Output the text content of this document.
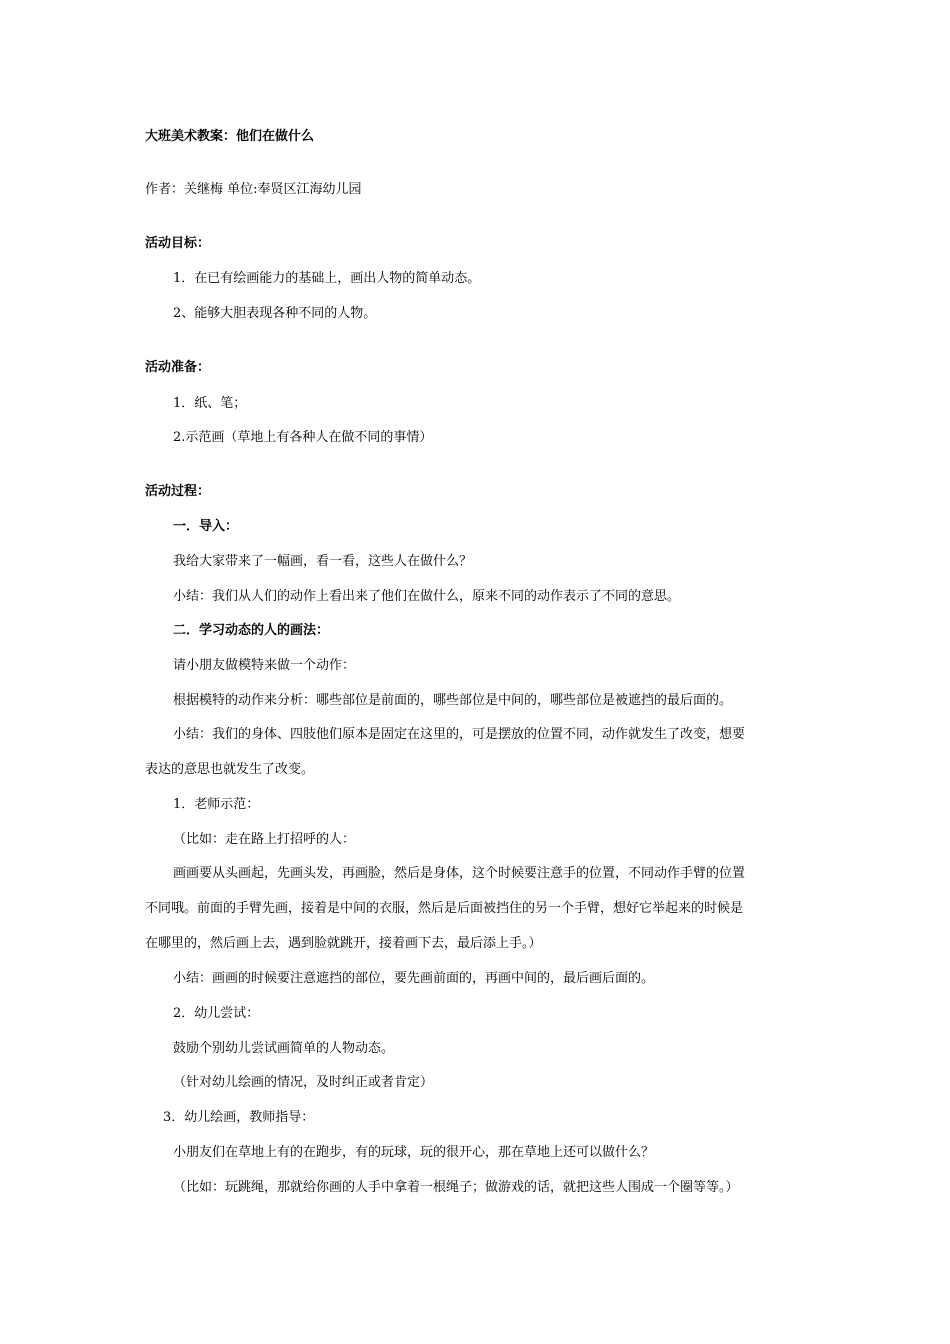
大班美术教案：他们在做什么
作者：关继梅 单位:奉贤区江海幼儿园
活动目标：
1．在已有绘画能力的基础上，画出人物的简单动态。
2、能够大胆表现各种不同的人物。
活动准备：
1．纸、笔；
2.示范画（草地上有各种人在做不同的事情）
活动过程：
一．导入：
我给大家带来了一幅画，看一看，这些人在做什么？
小结：我们从人们的动作上看出来了他们在做什么，原来不同的动作表示了不同的意思。
二．学习动态的人的画法：
请小朋友做模特来做一个动作：
根据模特的动作来分析：哪些部位是前面的，哪些部位是中间的，哪些部位是被遮挡的最后面的。
小结：我们的身体、四肢他们原本是固定在这里的，可是摆放的位置不同，动作就发生了改变，想要
表达的意思也就发生了改变。
1．老师示范：
（比如：走在路上打招呼的人：
画画要从头画起，先画头发，再画脸，然后是身体，这个时候要注意手的位置，不同动作手臂的位置
不同哦。前面的手臂先画，接着是中间的衣服，然后是后面被挡住的另一个手臂，想好它举起来的时候是
在哪里的，然后画上去，遇到脸就跳开，接着画下去，最后添上手。）
小结：画画的时候要注意遮挡的部位，要先画前面的，再画中间的，最后画后面的。
2．幼儿尝试：
鼓励个别幼儿尝试画简单的人物动态。
（针对幼儿绘画的情况，及时纠正或者肯定）
3．幼儿绘画，教师指导：
小朋友们在草地上有的在跑步，有的玩球，玩的很开心，那在草地上还可以做什么？
（比如：玩跳绳，那就给你画的人手中拿着一根绳子；做游戏的话，就把这些人围成一个圈等等。）
